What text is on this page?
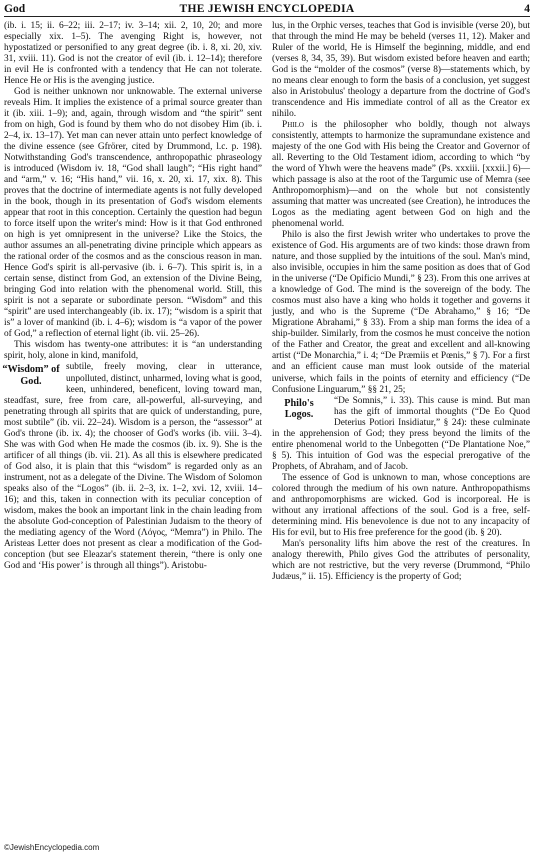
God	THE JEWISH ENCYCLOPEDIA	4

(ib. i. 15; ii. 6–22; iii. 2–17; iv. 3–14; xii. 2, 10, 20; and more especially xix. 1–5). The avenging Right is, however, not hypostatized or personified to any great degree (ib. i. 8, xi. 20, xiv. 31, xviii. 11). God is not the creator of evil (ib. i. 12–14); therefore in evil He is confronted with a tendency that He can not tolerate. Hence He or His is the avenging justice.

God is neither unknown nor unknowable. The external universe reveals Him. It implies the existence of a primal source greater than it (ib. xiii. 1–9); and, again, through wisdom and “the spirit” sent from on high, God is found by them who do not disobey Him (ib. i. 2–4, ix. 13–17). Yet man can never attain unto perfect knowledge of the divine essence (see Gfrörer, cited by Drummond, l.c. p. 198). Notwithstanding God's transcendence, anthropopathic phraseology is introduced (Wisdom iv. 18, “God shall laugh”; “His right hand” and “arm,” v. 16; “His hand,” vii. 16, x. 20, xi. 17, xix. 8). This proves that the doctrine of intermediate agents is not fully developed in the book, though in its presentation of God's wisdom elements appear that root in this conception. Certainly the question had begun to force itself upon the writer's mind: How is it that God enthroned on high is yet omnipresent in the universe? Like the Stoics, the author assumes an all-penetrating divine principle which appears as the rational order of the cosmos and as the conscious reason in man. Hence God's spirit is all-pervasive (ib. i. 6–7). This spirit is, in a certain sense, distinct from God, an extension of the Divine Being, bringing God into relation with the phenomenal world. Still, this spirit is not a separate or subordinate person. “Wisdom” and this “spirit” are used interchangeably (ib. ix. 17); “wisdom is a spirit that is” a lover of mankind (ib. i. 4–6); wisdom is “a vapor of the power of God,” a reflection of eternal light (ib. vii. 25–26).

This wisdom has twenty-one attributes: it is “an understanding spirit, holy, alone in kind, manifold,

“Wisdom” of God.
subtile, freely moving, clear in utterance, unpolluted, distinct, unharmed, loving what is good, keen, unhindered, beneficent, loving toward man, steadfast, sure, free from care, all-powerful, all-surveying, and penetrating through all spirits that are quick of understanding, pure, most subtile” (ib. vii. 22–24). Wisdom is a person, the “assessor” at God's throne (ib. ix. 4); the chooser of God's works (ib. viii. 3–4). She was with God when He made the cosmos (ib. ix. 9). She is the artificer of all things (ib. vii. 21). As all this is elsewhere predicated of God also, it is plain that this “wisdom” is regarded only as an instrument, not as a delegate of the Divine. The Wisdom of Solomon speaks also of the “Logos” (ib. ii. 2–3, ix. 1–2, xvi. 12, xviii. 14–16); and this, taken in connection with its peculiar conception of wisdom, makes the book an important link in the chain leading from the absolute God-conception of Palestinian Judaism to the theory of the mediating agency of the Word (Λόγος, “Memra”) in Philo. The Aristeas Letter does not present as clear a modification of the God-conception (but see Eleazar's statement therein, “there is only one God and ‘His power’ is through all things”). Aristobu-

lus, in the Orphic verses, teaches that God is invisible (verse 20), but that through the mind He may be beheld (verses 11, 12). Maker and Ruler of the world, He is Himself the beginning, middle, and end (verses 8, 34, 35, 39). But wisdom existed before heaven and earth; God is the “molder of the cosmos” (verse 8)—statements which, by no means clear enough to form the basis of a conclusion, yet suggest also in Aristobulus' theology a departure from the doctrine of God's transcendence and His immediate control of all as the Creator ex nihilo.

Philo is the philosopher who boldly, though not always consistently, attempts to harmonize the supramundane existence and majesty of the one God with His being the Creator and Governor of all. Reverting to the Old Testament idiom, according to which “by the word of Yhwh were the heavens made” (Ps. xxxiii. [xxxii.] 6)—which passage is also at the root of the Targumic use of Memra (see Anthropomorphism)—and on the whole but not consistently assuming that matter was uncreated (see Creation), he introduces the Logos as the mediating agent between God on high and the phenomenal world.

Philo is also the first Jewish writer who undertakes to prove the existence of God. His arguments are of two kinds: those drawn from nature, and those supplied by the intuitions of the soul. Man's mind, also invisible, occupies in him the same position as does that of God in the universe (“De Opificio Mundi,” § 23). From this one arrives at a knowledge of God. The mind is the sovereign of the body. The cosmos must also have a king who holds it together and governs it justly, and who is the Supreme (“De Abrahamo,” § 16; “De Migratione Abrahami,” § 33). From a ship man forms the idea of a ship-builder. Similarly, from the cosmos he must conceive the notion of the Father and Creator, the great and excellent and all-knowing artist (“De Monarchia,” i. 4; “De Præmiis et Pœnis,” § 7). For a first and an efficient cause man must look outside of the material universe, which fails in the points of eternity and efficiency (“De Confusione Linguarum,” §§ 21, 25;

Philo's Logos.
“De Somnis,” i. 33). This cause is mind. But man has the gift of immortal thoughts (“De Eo Quod Deterius Potiori Insidiatur,” § 24): these culminate in the apprehension of God; they press beyond the limits of the entire phenomenal world to the Unbegotten (“De Plantatione Noe,” § 5). This intuition of God was the especial prerogative of the Prophets, of Abraham, and of Jacob.

The essence of God is unknown to man, whose conceptions are colored through the medium of his own nature. Anthropopathisms and anthropomorphisms are wicked. God is incorporeal. He is without any irrational affections of the soul. God is a free, self-determining mind. His benevolence is due not to any incapacity of His for evil, but to His free preference for the good (ib. § 20).

Man's personality lifts him above the rest of the creatures. In analogy therewith, Philo gives God the attributes of personality, which are not restrictive, but the very reverse (Drummond, “Philo Judæus,” ii. 15). Efficiency is the property of God;

©JewishEncyclopedia.com
